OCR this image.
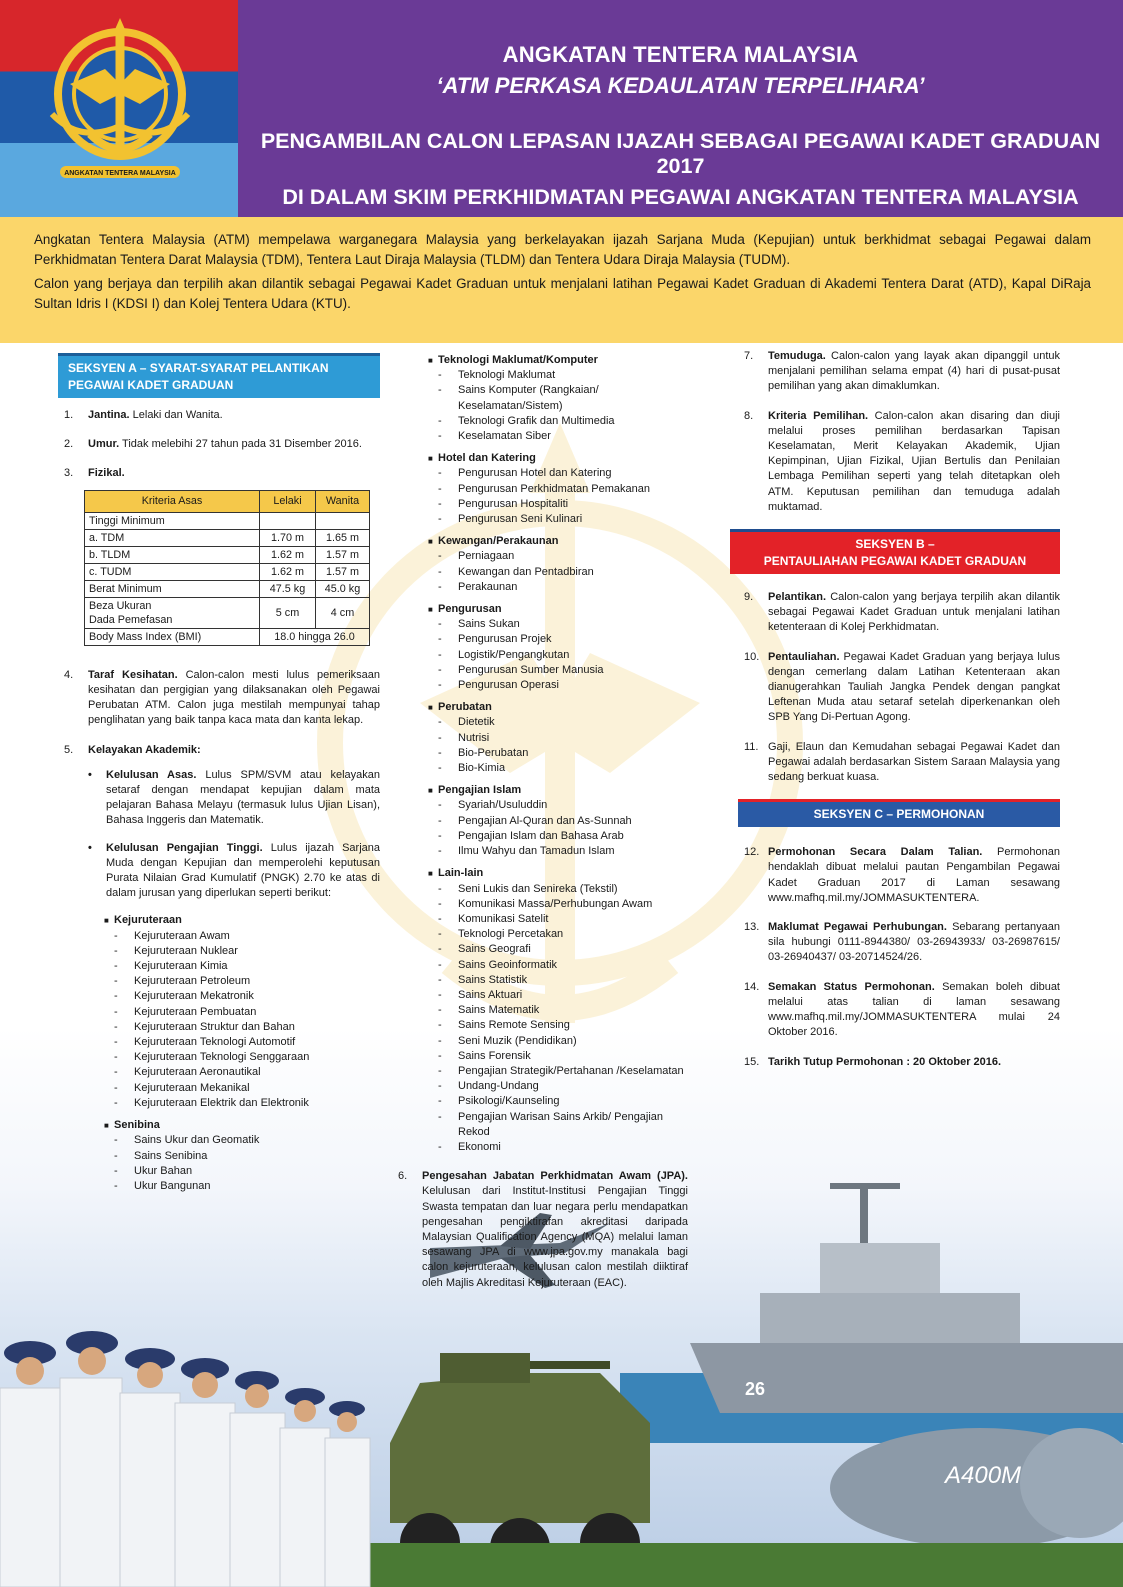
ANGKATAN TENTERA MALAYSIA
ANGKATAN TENTERA MALAYSIA
‘ATM PERKASA KEDAULATAN TERPELIHARA’
PENGAMBILAN CALON LEPASAN IJAZAH SEBAGAI PEGAWAI KADET GRADUAN 2017
DI DALAM SKIM PERKHIDMATAN PEGAWAI ANGKATAN TENTERA MALAYSIA

Angkatan Tentera Malaysia (ATM) mempelawa warganegara Malaysia yang berkelayakan ijazah Sarjana Muda (Kepujian) untuk berkhidmat sebagai Pegawai dalam Perkhidmatan Tentera Darat Malaysia (TDM), Tentera Laut Diraja Malaysia (TLDM) dan Tentera Udara Diraja Malaysia (TUDM).

Calon yang berjaya dan terpilih akan dilantik sebagai Pegawai Kadet Graduan untuk menjalani latihan Pegawai Kadet Graduan di Akademi Tentera Darat (ATD), Kapal DiRaja Sultan Idris I (KDSI I) dan Kolej Tentera Udara (KTU).

26
A400M
SEKSYEN A – SYARAT-SYARAT PELANTIKAN PEGAWAI KADET GRADUAN
1.	Jantina. Lelaki dan Wanita.
2.	Umur. Tidak melebihi 27 tahun pada 31 Disember 2016.
3.	Fizikal.
Kriteria Asas	Lelaki	Wanita
Tinggi Minimum		
a. TDM	1.70 m	1.65 m
b. TLDM	1.62 m	1.57 m
c. TUDM	1.62 m	1.57 m
Berat Minimum	47.5 kg	45.0 kg
Beza Ukuran
Dada Pemefasan	5 cm	4 cm
Body Mass Index (BMI)	18.0 hingga 26.0	
4.	Taraf Kesihatan. Calon-calon mesti lulus pemeriksaan kesihatan dan pergigian yang dilaksanakan oleh Pegawai Perubatan ATM. Calon juga mestilah mempunyai tahap penglihatan yang baik tanpa kaca mata dan kanta lekap.
5.	Kelayakan Akademik:
•	Kelulusan Asas. Lulus SPM/SVM atau kelayakan setaraf dengan mendapat kepujian dalam mata pelajaran Bahasa Melayu (termasuk lulus Ujian Lisan), Bahasa Inggeris dan Matematik.
•	Kelulusan Pengajian Tinggi. Lulus ijazah Sarjana Muda dengan Kepujian dan memperolehi keputusan Purata Nilaian Grad Kumulatif (PNGK) 2.70 ke atas di dalam jurusan yang diperlukan seperti berikut:
■ Kejuruteraan
-	Kejuruteraan Awam
-	Kejuruteraan Nuklear
-	Kejuruteraan Kimia
-	Kejuruteraan Petroleum
-	Kejuruteraan Mekatronik
-	Kejuruteraan Pembuatan
-	Kejuruteraan Struktur dan Bahan
-	Kejuruteraan Teknologi Automotif
-	Kejuruteraan Teknologi Senggaraan
-	Kejuruteraan Aeronautikal
-	Kejuruteraan Mekanikal
-	Kejuruteraan Elektrik dan Elektronik
■ Senibina
-	Sains Ukur dan Geomatik
-	Sains Senibina
-	Ukur Bahan
-	Ukur Bangunan
■ Teknologi Maklumat/Komputer
-	Teknologi Maklumat
-	Sains Komputer (Rangkaian/ Keselamatan/Sistem)
-	Teknologi Grafik dan Multimedia
-	Keselamatan Siber
■ Hotel dan Katering
-	Pengurusan Hotel dan Katering
-	Pengurusan Perkhidmatan Pemakanan
-	Pengurusan Hospitaliti
-	Pengurusan Seni Kulinari
■ Kewangan/Perakaunan
-	Perniagaan
-	Kewangan dan Pentadbiran
-	Perakaunan
■ Pengurusan
-	Sains Sukan
-	Pengurusan Projek
-	Logistik/Pengangkutan
-	Pengurusan Sumber Manusia
-	Pengurusan Operasi
■ Perubatan
-	Dietetik
-	Nutrisi
-	Bio-Perubatan
-	Bio-Kimia
■ Pengajian Islam
-	Syariah/Usuluddin
-	Pengajian Al-Quran dan As-Sunnah
-	Pengajian Islam dan Bahasa Arab
-	Ilmu Wahyu dan Tamadun Islam
■ Lain-lain
-	Seni Lukis dan Senireka (Tekstil)
-	Komunikasi Massa/Perhubungan Awam
-	Komunikasi Satelit
-	Teknologi Percetakan
-	Sains Geografi
-	Sains Geoinformatik
-	Sains Statistik
-	Sains Aktuari
-	Sains Matematik
-	Sains Remote Sensing
-	Seni Muzik (Pendidikan)
-	Sains Forensik
-	Pengajian Strategik/Pertahanan /Keselamatan
-	Undang-Undang
-	Psikologi/Kaunseling
-	Pengajian Warisan Sains Arkib/ Pengajian Rekod
-	Ekonomi
6.	Pengesahan Jabatan Perkhidmatan Awam (JPA). Kelulusan dari Institut-Institusi Pengajian Tinggi Swasta tempatan dan luar negara perlu mendapatkan pengesahan pengiktirafan akreditasi daripada Malaysian Qualification Agency (MQA) melalui laman sesawang JPA di www.jpa.gov.my manakala bagi calon kejuruteraan, kelulusan calon mestilah diiktiraf oleh Majlis Akreditasi Kejuruteraan (EAC).
7.	Temuduga. Calon-calon yang layak akan dipanggil untuk menjalani pemilihan selama empat (4) hari di pusat-pusat pemilihan yang akan dimaklumkan.
8.	Kriteria Pemilihan. Calon-calon akan disaring dan diuji melalui proses pemilihan berdasarkan Tapisan Keselamatan, Merit Kelayakan Akademik, Ujian Kepimpinan, Ujian Fizikal, Ujian Bertulis dan Penilaian Lembaga Pemilihan seperti yang telah ditetapkan oleh ATM. Keputusan pemilihan dan temuduga adalah muktamad.
SEKSYEN B –
PENTAULIAHAN PEGAWAI KADET GRADUAN
9.	Pelantikan. Calon-calon yang berjaya terpilih akan dilantik sebagai Pegawai Kadet Graduan untuk menjalani latihan ketenteraan di Kolej Perkhidmatan.
10. Pentauliahan. Pegawai Kadet Graduan yang berjaya lulus dengan cemerlang dalam Latihan Ketenteraan akan dianugerahkan Tauliah Jangka Pendek dengan pangkat Leftenan Muda atau setaraf setelah diperkenankan oleh SPB Yang Di-Pertuan Agong.
11. Gaji, Elaun dan Kemudahan sebagai Pegawai Kadet dan Pegawai adalah berdasarkan Sistem Saraan Malaysia yang sedang berkuat kuasa.
SEKSYEN C – PERMOHONAN
12. Permohonan Secara Dalam Talian. Permohonan hendaklah dibuat melalui pautan Pengambilan Pegawai Kadet Graduan 2017 di Laman sesawang www.mafhq.mil.my/JOMMASUKTENTERA.
13. Maklumat Pegawai Perhubungan. Sebarang pertanyaan sila hubungi 0111-8944380/ 03-26943933/ 03-26987615/ 03-26940437/ 03-20714524/26.
14. Semakan Status Permohonan. Semakan boleh dibuat melalui atas talian di laman sesawang www.mafhq.mil.my/JOMMASUKTENTERA mulai 24 Oktober 2016.
15. Tarikh Tutup Permohonan : 20 Oktober 2016.
